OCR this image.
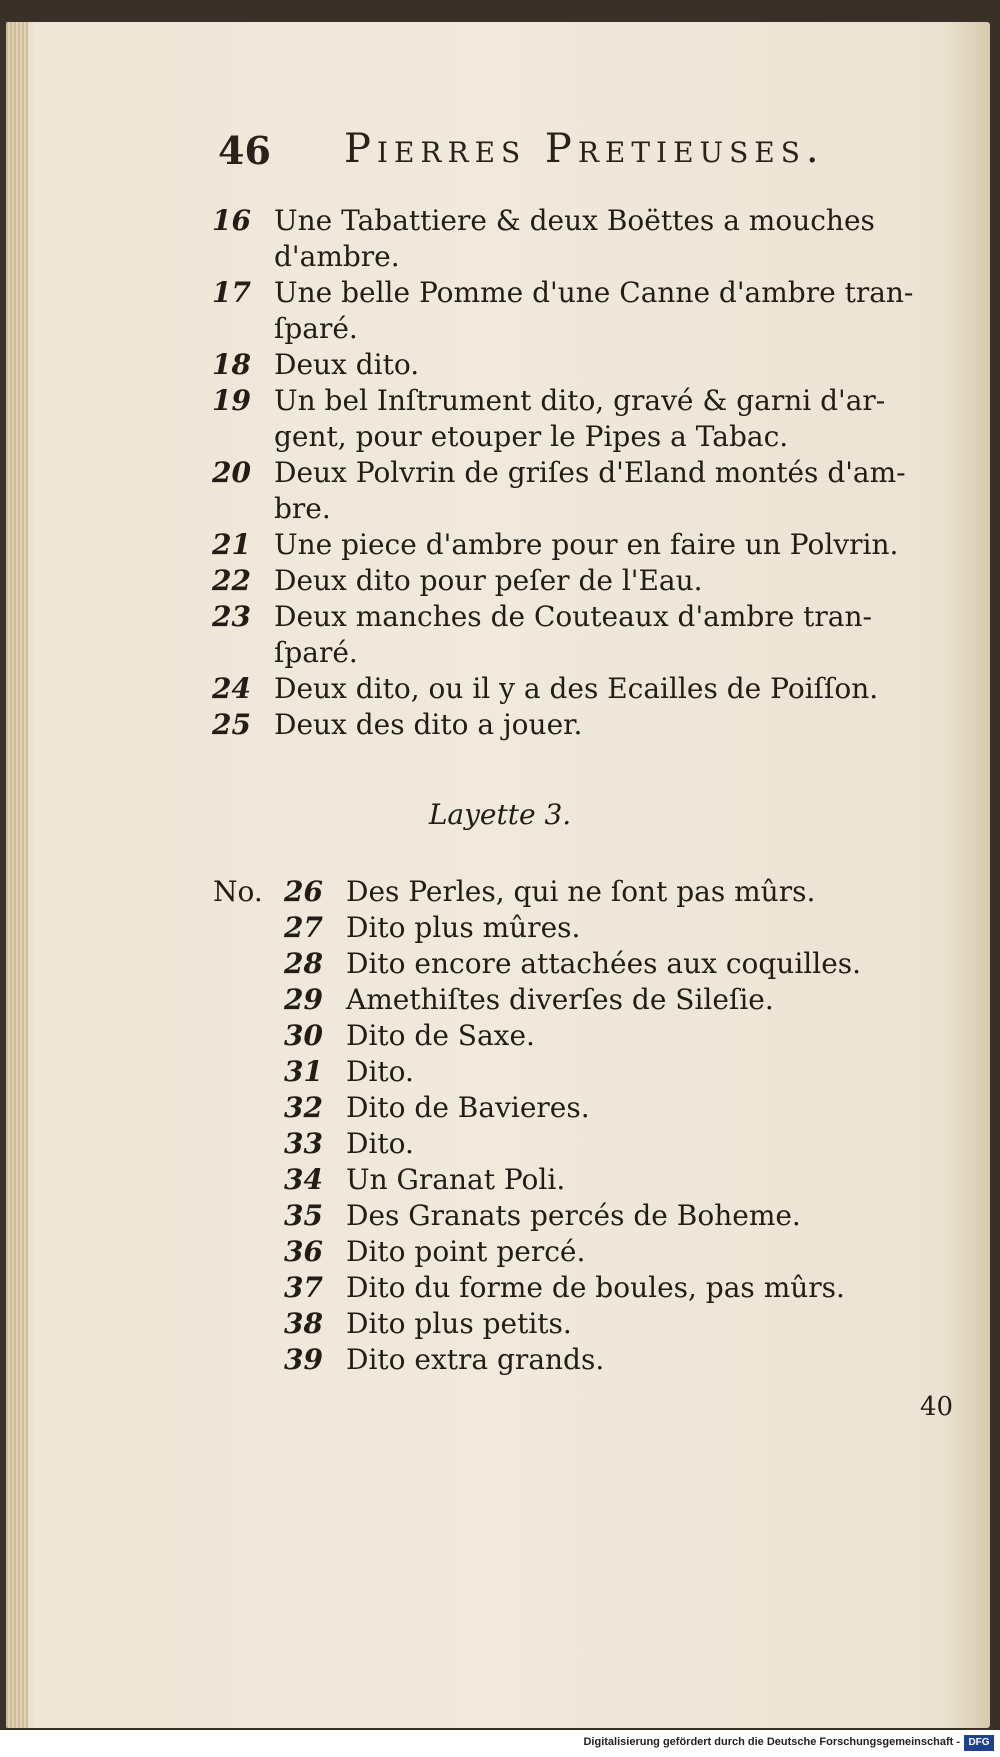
46 Pierres Pretieuses.
16 Une Tabattiere & deux Boëttes a mouches
d'ambre.
17 Une belle Pomme d'une Canne d'ambre tran-
ſparé.
18 Deux dito.
19 Un bel Inſtrument dito, gravé & garni d'ar-
gent, pour etouper le Pipes a Tabac.
20 Deux Polvrin de griſes d'Eland montés d'am-
bre.
21 Une piece d'ambre pour en faire un Polvrin.
22 Deux dito pour peſer de l'Eau.
23 Deux manches de Couteaux d'ambre tran-
ſparé.
24 Deux dito, ou il y a des Ecailles de Poiſſon.
25 Deux des dito a jouer.
Layette 3.
No. 26 Des Perles, qui ne ſont pas mûrs.
27 Dito plus mûres.
28 Dito encore attachées aux coquilles.
29 Amethiſtes diverſes de Sileſie.
30 Dito de Saxe.
31 Dito.
32 Dito de Bavieres.
33 Dito.
34 Un Granat Poli.
35 Des Granats percés de Boheme.
36 Dito point percé.
37 Dito du forme de boules, pas mûrs.
38 Dito plus petits.
39 Dito extra grands.
40
Digitalisierung gefördert durch die Deutsche Forschungsgemeinschaft - DFG
